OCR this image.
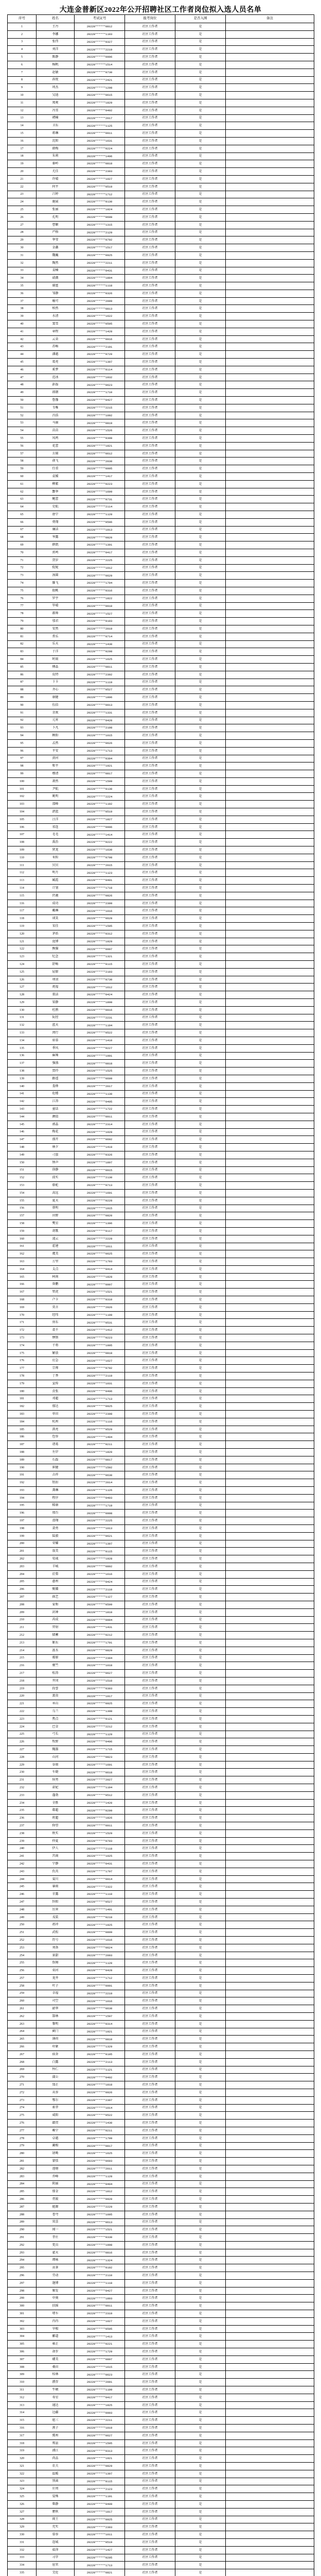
大连金普新区2022年公开招聘社区工作者岗位拟入选人员名单
序号	姓名	考试证号	报考岗位	是否入围	备注
1	王丹	20220******0812	社区工作者	是	
2	李娜	20220******1103	社区工作者	是	
3	张伟	20220******0327	社区工作者	是	
4	刘洋	20220******2219	社区工作者	是	
5	陈静	20220******0906	社区工作者	是	
6	杨帆	20220******1514	社区工作者	是	
7	赵敏	20220******0730	社区工作者	是	
8	孙悦	20220******2421	社区工作者	是	
9	周杰	20220******1208	社区工作者	是	
10	吴迪	20220******0615	社区工作者	是	
11	郑爽	20220******1829	社区工作者	是	
12	冯雪	20220******0402	社区工作者	是	
13	褚楠	20220******2017	社区工作者	是	
14	卫东	20220******1125	社区工作者	是	
15	蒋琳	20220******0911	社区工作者	是	
16	沈阳	20220******1631	社区工作者	是	
17	韩梅	20220******0224	社区工作者	是	
18	朱莉	20220******1406	社区工作者	是	
19	秦岭	20220******0818	社区工作者	是	
20	尤佳	20220******2303	社区工作者	是	
21	许晴	20220******1027	社区工作者	是	
22	何平	20220******0519	社区工作者	是	
23	吕婷	20220******1712	社区工作者	是	
24	施展	20220******0130	社区工作者	是	
25	张丽	20220******1924	社区工作者	是	
26	孔明	20220******0608	社区工作者	是	
27	曹颖	20220******1315	社区工作者	是	
28	严格	20220******2129	社区工作者	是	
29	华莹	20220******0702	社区工作者	是	
30	金鑫	20220******1517	社区工作者	是	
31	魏巍	20220******0925	社区工作者	是	
32	陶然	20220******2211	社区工作者	是	
33	姜楠	20220******0431	社区工作者	是	
34	戚薇	20220******1804	社区工作者	是	
35	谢霆	20220******1118	社区工作者	是	
36	邹静	20220******0326	社区工作者	是	
37	喻可	20220******2009	社区工作者	是	
38	柏然	20220******0813	社区工作者	是	
39	水清	20220******1622	社区工作者	是	
40	窦雪	20220******0505	社区工作者	是	
41	章程	20220******1428	社区工作者	是	
42	云朵	20220******0916	社区工作者	是	
43	苏畅	20220******2101	社区工作者	是	
44	潘越	20220******0720	社区工作者	是	
45	葛亮	20220******1307	社区工作者	是	
46	奚梦	20220******0114	社区工作者	是	
47	范冰	20220******1932	社区工作者	是	
48	彭磊	20220******0623	社区工作者	是	
49	郎朗	20220******1710	社区工作者	是	
50	鲁豫	20220******0427	社区工作者	是	
51	韦唯	20220******2215	社区工作者	是	
52	昌浩	20220******1002	社区工作者	是	
53	马丽	20220******0819	社区工作者	是	
54	苗苗	20220******1526	社区工作者	是	
55	凤鸣	20220******0308	社区工作者	是	
56	花蕾	20220******1821	社区工作者	是	
57	方圆	20220******0612	社区工作者	是	
58	俞飞	20220******2030	社区工作者	是	
59	任重	20220******0905	社区工作者	是	
60	袁媛	20220******1417	社区工作者	是	
61	柳絮	20220******0223	社区工作者	是	
62	酆华	20220******1609	社区工作者	是	
63	鲍蕾	20220******0731	社区工作者	是	
64	史航	20220******2114	社区工作者	是	
65	唐宁	20220******1128	社区工作者	是	
66	费翔	20220******0506	社区工作者	是	
67	廉洁	20220******1913	社区工作者	是	
68	岑露	20220******0820	社区工作者	是	
69	薛凯	20220******1301	社区工作者	是	
70	雷鸣	20220******0417	社区工作者	是	
71	贺岁	20220******2225	社区工作者	是	
72	倪妮	20220******1012	社区工作者	是	
73	汤圆	20220******0629	社区工作者	是	
74	滕飞	20220******1704	社区工作者	是	
75	殷桃	20220******0316	社区工作者	是	
76	罗宇	20220******1822	社区工作者	是	
77	毕晴	20220******0910	社区工作者	是	
78	郝帅	20220******1527	社区工作者	是	
79	邬君	20220******0103	社区工作者	是	
80	安然	20220******2019	社区工作者	是	
81	常乐	20220******0714	社区工作者	是	
82	乐天	20220******1430	社区工作者	是	
83	于洋	20220******0208	社区工作者	是	
84	时雨	20220******1625	社区工作者	是	
85	傅晶	20220******0811	社区工作者	是	
86	皮特	20220******2302	社区工作者	是	
87	卞卡	20220******1119	社区工作者	是	
88	齐心	20220******0527	社区工作者	是	
89	康健	20220******1806	社区工作者	是	
90	伍佰	20220******0913	社区工作者	是	
91	余欢	20220******1331	社区工作者	是	
92	元宵	20220******0420	社区工作者	是	
93	卜凡	20220******2108	社区工作者	是	
94	顾盼	20220******1015	社区工作者	是	
95	孟然	20220******0626	社区工作者	是	
96	平安	20220******1713	社区工作者	是	
97	黄河	20220******0304	社区工作者	是	
98	和平	20220******1921	社区工作者	是	
99	穆清	20220******0817	社区工作者	是	
100	萧然	20220******1509	社区工作者	是	
101	尹航	20220******0130	社区工作者	是	
102	姚明	20220******2224	社区工作者	是	
103	邵峰	20220******1102	社区工作者	是	
104	湛蓝	20220******0519	社区工作者	是	
105	汪洋	20220******1827	社区工作者	是	
106	祁连	20220******0906	社区工作者	是	
107	毛毛	20220******1414	社区工作者	是	
108	禹治	20220******0222	社区工作者	是	
109	狄龙	20220******1630	社区工作者	是	
110	米粒	20220******0708	社区工作者	是	
111	贝贝	20220******2015	社区工作者	是	
112	明月	20220******1123	社区工作者	是	
113	臧霞	20220******0401	社区工作者	是	
114	计划	20220******1718	社区工作者	是	
115	伏羲	20220******0826	社区工作者	是	
116	成功	20220******2309	社区工作者	是	
117	戴琳	20220******1016	社区工作者	是	
118	谈笑	20220******0628	社区工作者	是	
119	宋佳	20220******1505	社区工作者	是	
120	茅盾	20220******0312	社区工作者	是	
121	庞博	20220******1929	社区工作者	是	
122	熊猫	20220******0907	社区工作者	是	
123	纪念	20220******1321	社区工作者	是	
124	舒畅	20220******0115	社区工作者	是	
125	屈原	20220******2103	社区工作者	是	
126	项羽	20220******0730	社区工作者	是	
127	祝福	20220******1612	社区工作者	是	
128	董洁	20220******0424	社区工作者	是	
129	梁静	20220******1808	社区工作者	是	
130	杜鹃	20220******0916	社区工作者	是	
131	阮经	20220******2231	社区工作者	是	
132	蓝天	20220******1104	社区工作者	是	
133	闵行	20220******0522	社区工作者	是	
134	席慕	20220******1410	社区工作者	是	
135	季风	20220******0227	社区工作者	是	
136	麻辣	20220******1901	社区工作者	是	
137	强盛	20220******0818	社区工作者	是	
138	贾玲	20220******1525	社区工作者	是	
139	路遥	20220******0609	社区工作者	是	
140	娄烨	20220******2017	社区工作者	是	
141	危楼	20220******1130	社区工作者	是	
142	江涛	20220******0405	社区工作者	是	
143	童话	20220******1722	社区工作者	是	
144	颜值	20220******0911	社区工作者	是	
145	郭晶	20220******2314	社区工作者	是	
146	梅花	20220******1028	社区工作者	是	
147	盛开	20220******0602	社区工作者	是	
148	林夕	20220******1419	社区工作者	是	
149	刁蛮	20220******0326	社区工作者	是	
150	钟声	20220******1807	社区工作者	是	
151	徐静	20220******0915	社区工作者	是	
152	邱实	20220******2130	社区工作者	是	
153	骆驼	20220******0713	社区工作者	是	
154	高远	20220******1601	社区工作者	是	
155	夏天	20220******0228	社区工作者	是	
156	蔡明	20220******1915	社区工作者	是	
157	田野	20220******0820	社区工作者	是	
158	樊星	20220******1306	社区工作者	是	
159	胡歌	20220******0117	社区工作者	是	
160	凌云	20220******2229	社区工作者	是	
161	霍建	20220******1011	社区工作者	是	
162	虞美	20220******0625	社区工作者	是	
163	万里	20220******1703	社区工作者	是	
164	支点	20220******0414	社区工作者	是	
165	柯南	20220******1828	社区工作者	是	
166	昝鹏	20220******0907	社区工作者	是	
167	管虎	20220******1521	社区工作者	是	
168	卢卡	20220******0310	社区工作者	是	
169	莫言	20220******2026	社区工作者	是	
170	经纬	20220******1109	社区工作者	是	
171	房东	20220******0531	社区工作者	是	
172	裘千	20220******1412	社区工作者	是	
173	缪斯	20220******0223	社区工作者	是	
174	干将	20220******1905	社区工作者	是	
175	解放	20220******0818	社区工作者	是	
176	应急	20220******1627	社区工作者	是	
177	宗师	20220******0702	社区工作者	是	
178	丁香	20220******2119	社区工作者	是	
179	宣传	20220******1031	社区工作者	是	
180	贲张	20220******0406	社区工作者	是	
181	邓超	20220******1713	社区工作者	是	
182	郁达	20220******0925	社区工作者	是	
183	单田	20220******2308	社区工作者	是	
184	杭州	20220******1116	社区工作者	是	
185	洪亮	20220******0529	社区工作者	是	
186	包容	20220******1404	社区工作者	是	
187	诸葛	20220******0211	社区工作者	是	
188	左岸	20220******1820	社区工作者	是	
189	石磊	20220******0817	社区工作者	是	
190	崔健	20220******1502	社区工作者	是	
191	吉祥	20220******0630	社区工作者	是	
192	钮扣	20220******2014	社区工作者	是	
193	龚琳	20220******1126	社区工作者	是	
194	程序	20220******0403	社区工作者	是	
195	嵇康	20220******1719	社区工作者	是	
196	邢台	20220******0908	社区工作者	是	
197	滑翔	20220******2225	社区工作者	是	
198	裴勇	20220******1013	社区工作者	是	
199	陆毅	20220******0621	社区工作者	是	
200	荣耀	20220******1307	社区工作者	是	
201	翁美	20220******0115	社区工作者	是	
202	荀彧	20220******1928	社区工作者	是	
203	羊城	20220******0802	社区工作者	是	
204	於梨	20220******1616	社区工作者	是	
205	惠州	20220******0424	社区工作者	是	
206	甄嬛	20220******2110	社区工作者	是	
207	曲艺	20220******1127	社区工作者	是	
208	家和	20220******0509	社区工作者	是	
209	封神	20220******1818	社区工作者	是	
210	芮成	20220******0904	社区工作者	是	
211	羿射	20220******1431	社区工作者	是	
212	储蓄	20220******0212	社区工作者	是	
213	靳东	20220******1701	社区工作者	是	
214	汲水	20220******0829	社区工作者	是	
215	邴原	20220******2304	社区工作者	是	
216	糜竺	20220******1018	社区工作者	是	
217	松涛	20220******0627	社区工作者	是	
218	井冈	20220******1510	社区工作者	是	
219	段誉	20220******0303	社区工作者	是	
220	富贵	20220******1917	社区工作者	是	
221	巫山	20220******0925	社区工作者	是	
222	乌兰	20220******1308	社区工作者	是	
223	焦点	20220******0121	社区工作者	是	
224	巴金	20220******2212	社区工作者	是	
225	弓长	20220******1129	社区工作者	是	
226	牧野	20220******0406	社区工作者	是	
227	隗嚣	20220******1715	社区工作者	是	
228	山河	20220******0823	社区工作者	是	
229	谷雨	20220******1601	社区工作者	是	
230	车晓	20220******0618	社区工作者	是	
231	侯勇	20220******2027	社区工作者	是	
232	宓妃	20220******1104	社区工作者	是	
233	蓬勃	20220******0512	社区工作者	是	
234	全胜	20220******1420	社区工作者	是	
235	郗超	20220******0209	社区工作者	是	
236	班超	20220******1826	社区工作者	是	
237	仰望	20220******0911	社区工作者	是	
238	秋实	20220******1529	社区工作者	是	
239	仲夏	20220******0703	社区工作者	是	
240	伊人	20220******2118	社区工作者	是	
241	宫商	20220******1025	社区工作者	是	
242	宁静	20220******0431	社区工作者	是	
243	仇英	20220******1707	社区工作者	是	
244	栾川	20220******0914	社区工作者	是	
245	暴雨	20220******2322	社区工作者	是	
246	甘露	20220******1110	社区工作者	是	
247	钭阳	20220******0527	社区工作者	是	
248	厉害	20220******1401	社区工作者	是	
249	戎装	20220******0218	社区工作者	是	
250	祖冲	20220******1925	社区工作者	是	
251	武松	20220******0809	社区工作者	是	
252	符号	20220******1616	社区工作者	是	
253	刘备	20220******0624	社区工作者	是	
254	景甜	20220******2003	社区工作者	是	
255	詹姆	20220******1120	社区工作者	是	
256	束河	20220******0428	社区工作者	是	
257	龙井	20220******1712	社区工作者	是	
258	叶子	20220******0901	社区工作者	是	
259	幸福	20220******2219	社区工作者	是	
260	司空	20220******1016	社区工作者	是	
261	韶华	20220******0630	社区工作者	是	
262	郜林	20220******1507	社区工作者	是	
263	黎明	20220******0314	社区工作者	是	
264	蓟门	20220******1921	社区工作者	是	
265	薄荷	20220******0810	社区工作者	是	
266	印象	20220******1329	社区工作者	是	
267	宿舍	20220******0105	社区工作者	是	
268	白露	20220******2113	社区工作者	是	
269	怀仁	20220******1121	社区工作者	是	
270	蒲公	20220******0402	社区工作者	是	
271	邰正	20220******1818	社区工作者	是	
272	从容	20220******0926	社区工作者	是	
273	鄂尔	20220******2307	社区工作者	是	
274	索菲	20220******1014	社区工作者	是	
275	咸阳	20220******0522	社区工作者	是	
276	籍贯	20220******1430	社区工作者	是	
277	赖宁	20220******0211	社区工作者	是	
278	卓越	20220******1709	社区工作者	是	
279	蔺相	20220******0817	社区工作者	是	
280	屠呦	20220******1625	社区工作者	是	
281	蒙恬	20220******0603	社区工作者	是	
282	池塘	20220******2011	社区工作者	是	
283	乔峰	20220******1128	社区工作者	是	
284	阴丽	20220******0404	社区工作者	是	
285	郁金	20220******1812	社区工作者	是	
286	胥渡	20220******0920	社区工作者	是	
287	能源	20220******2229	社区工作者	是	
288	苍穹	20220******1005	社区工作者	是	
289	双喜	20220******0613	社区工作者	是	
290	闻一	20220******1521	社区工作者	是	
291	莘庄	20220******0330	社区工作者	是	
292	党员	20220******1908	社区工作者	是	
293	翟天	20220******0816	社区工作者	是	
294	谭咏	20220******1324	社区工作者	是	
295	贡茶	20220******0102	社区工作者	是	
296	劳动	20220******2110	社区工作者	是	
297	逄博	20220******1118	社区工作者	是	
298	姬发	20220******0427	社区工作者	是	
299	申奥	20220******1803	社区工作者	是	
300	扶摇	20220******0911	社区工作者	是	
301	堵车	20220******2319	社区工作者	是	
302	冉冉	20220******1027	社区工作者	是	
303	宰相	20220******0505	社区工作者	是	
304	郦道	20220******1413	社区工作者	是	
305	雍正	20220******0221	社区工作者	是	
306	却步	20220******1729	社区工作者	是	
307	璩美	20220******0807	社区工作者	是	
308	桑田	20220******1615	社区工作者	是	
309	桂林	20220******0623	社区工作者	是	
310	濮存	20220******2001	社区工作者	是	
311	牛顿	20220******1109	社区工作者	是	
312	寿星	20220******0417	社区工作者	是	
313	通达	20220******1825	社区工作者	是	
314	边疆	20220******0903	社区工作者	是	
315	扈三	20220******2211	社区工作者	是	
316	燕子	20220******1019	社区工作者	是	
317	冀州	20220******0627	社区工作者	是	
318	郏县	20220******1505	社区工作者	是	
319	浦江	20220******0313	社区工作者	是	
320	尚品	20220******1921	社区工作者	是	
321	农夫	20220******0829	社区工作者	是	
322	温暖	20220******1307	社区工作者	是	
323	别离	20220******0115	社区工作者	是	
324	庄周	20220******2123	社区工作者	是	
325	晏殊	20220******1101	社区工作者	是	
326	柴静	20220******0409	社区工作者	是	
327	瞿秋	20220******1817	社区工作者	是	
328	阎王	20220******0925	社区工作者	是	
329	充实	20220******2303	社区工作者	是	
330	慕容	20220******1011	社区工作者	是	
331	连城	20220******0519	社区工作者	是	
332	茹萍	20220******1427	社区工作者	是	
333	习字	20220******0205	社区工作者	是	
334	宦官	20220******1713	社区工作者	是	
335	艾伦	20220******0821	社区工作者	是	
